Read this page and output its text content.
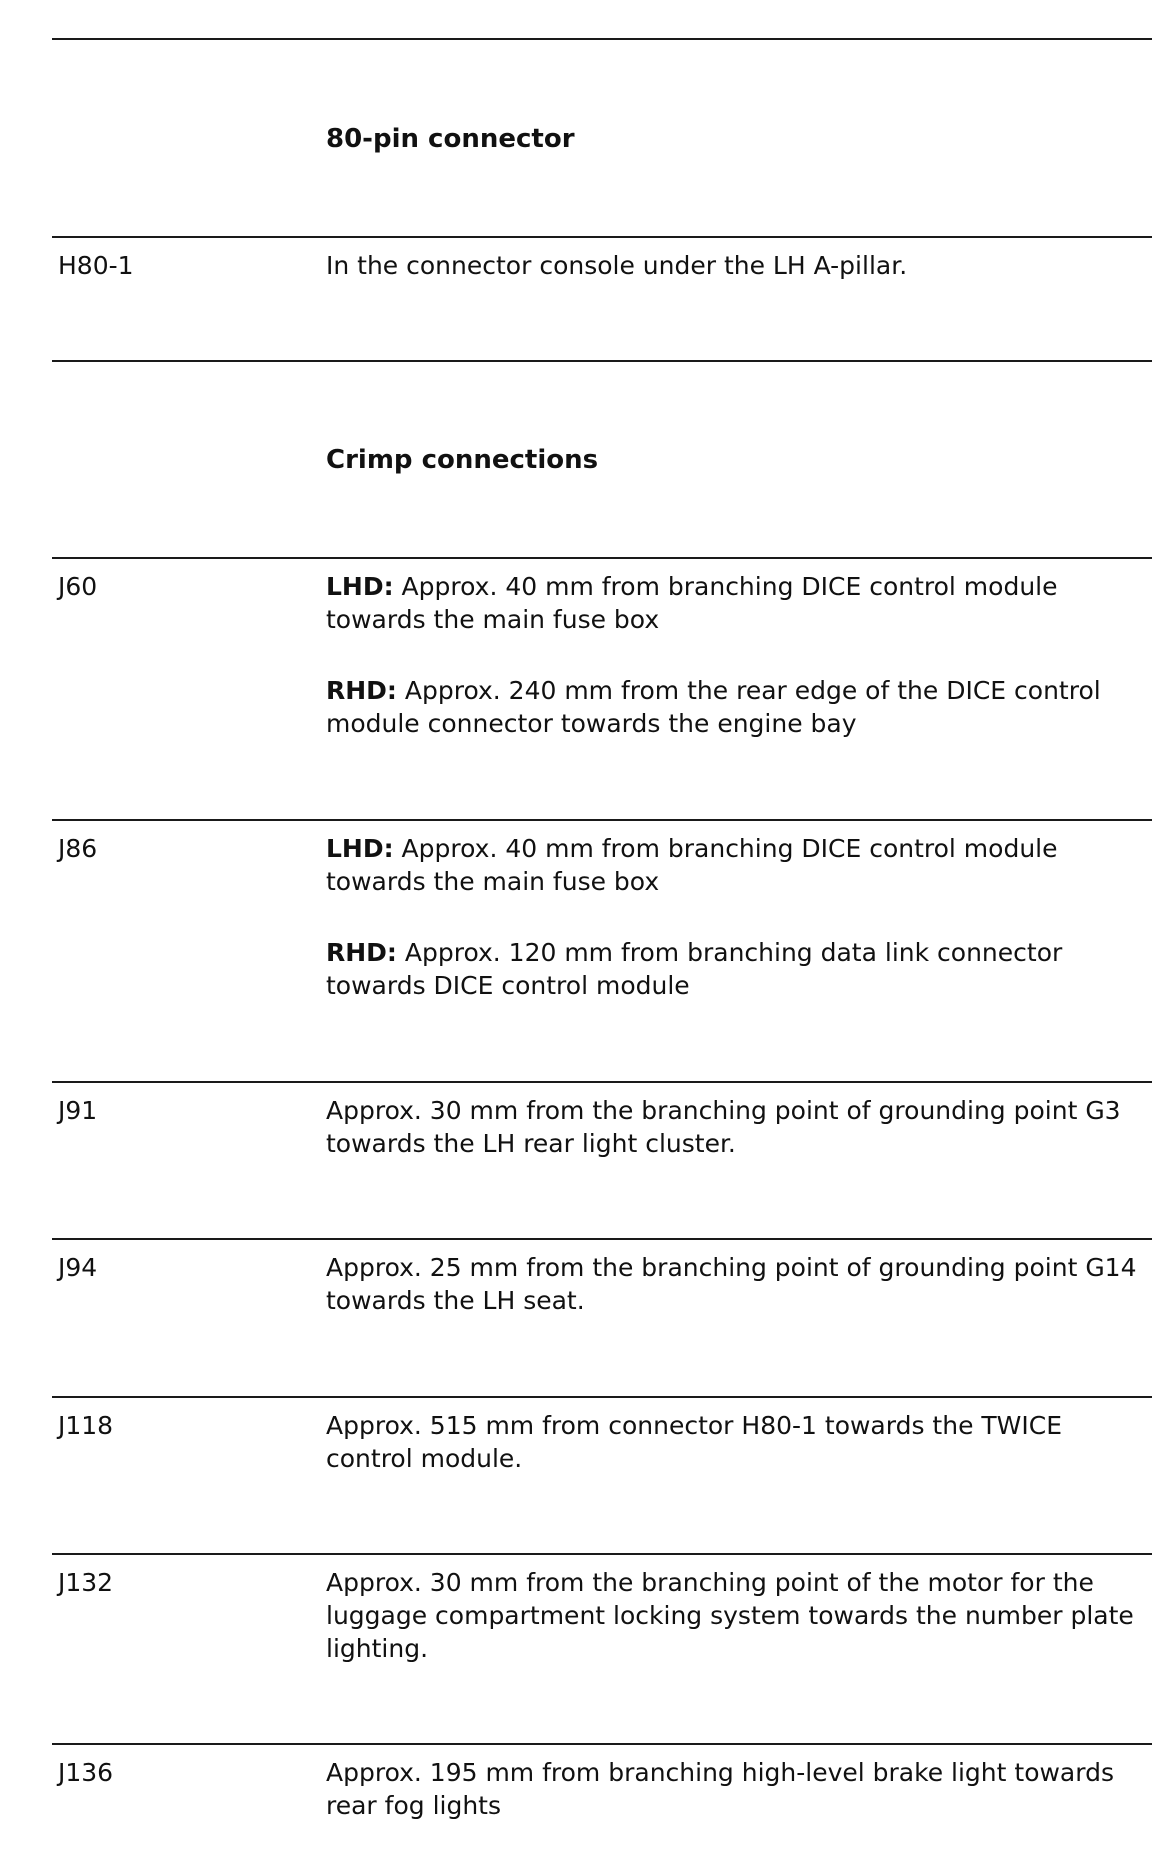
80-pin connector
H80-1	In the connector console under the LH A-pillar.

Crimp connections
J60	LHD: Approx. 40 mm from branching DICE control module towards the main fuse box

RHD: Approx. 240 mm from the rear edge of the DICE control module connector towards the engine bay

J86	LHD: Approx. 40 mm from branching DICE control module towards the main fuse box

RHD: Approx. 120 mm from branching data link connector towards DICE control module

J91	Approx. 30 mm from the branching point of grounding point G3 towards the LH rear light cluster.

J94	Approx. 25 mm from the branching point of grounding point G14 towards the LH seat.

J118	Approx. 515 mm from connector H80-1 towards the TWICE control module.

J132	Approx. 30 mm from the branching point of the motor for the luggage compartment locking system towards the number plate lighting.

J136	Approx. 195 mm from branching high-level brake light towards rear fog lights
